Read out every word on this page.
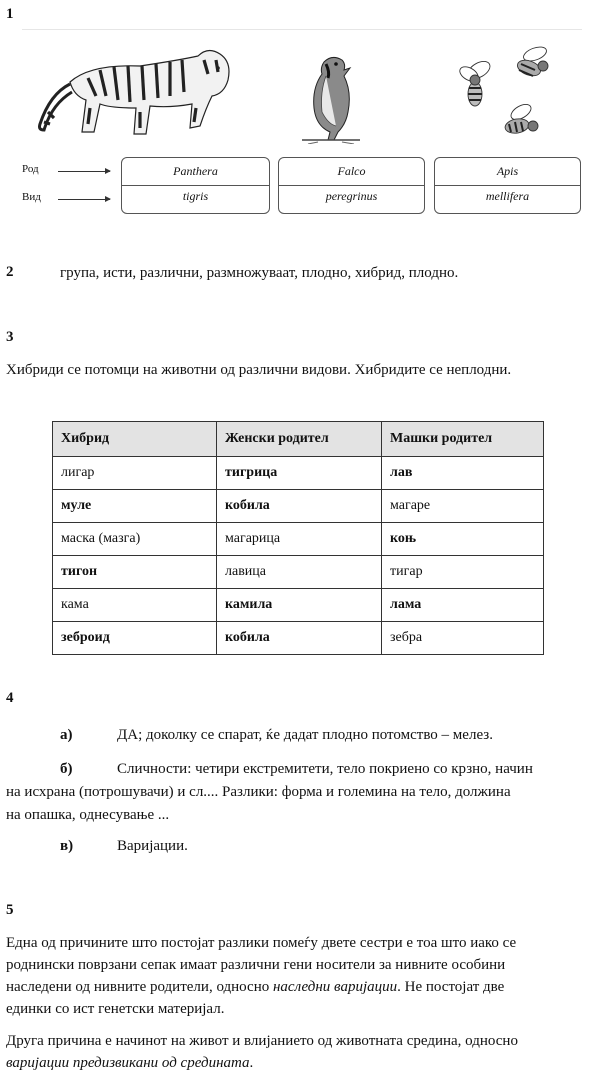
1
Род
Вид
Panthera
tigris
Falco
peregrinus
Apis
mellifera
2	група, исти, различни, размножуваат, плодно, хибрид, плодно.
3
Хибриди се потомци на животни од различни видови. Хибридите се неплодни.
Хибрид	Женски родител	Машки родител
лигар	тигрица	лав
муле	кобила	магаре
маска (мазга)	магарица	коњ
тигон	лавица	тигар
кама	камила	лама
зеброид	кобила	зебра
4
а)	ДА; доколку се спарат, ќе дадат плодно потомство – мелез.
б)	Сличности: четири екстремитети, тело покриено со крзно, начин
на исхрана (потрошувачи) и сл.... Разлики: форма и големина на тело, должина
на опашка, однесување ...
в)	Варијации.
5
Една од причините што постојат разлики помеѓу двете сестри е тоа што иако се
роднински поврзани сепак имаат различни гени носители за нивните особини
наследени од нивните родители, односно наследни варијации. Не постојат две
единки со ист генетски материјал.
Друга причина е начинот на живот и влијанието од животната средина, односно
варијации предизвикани од средината.
